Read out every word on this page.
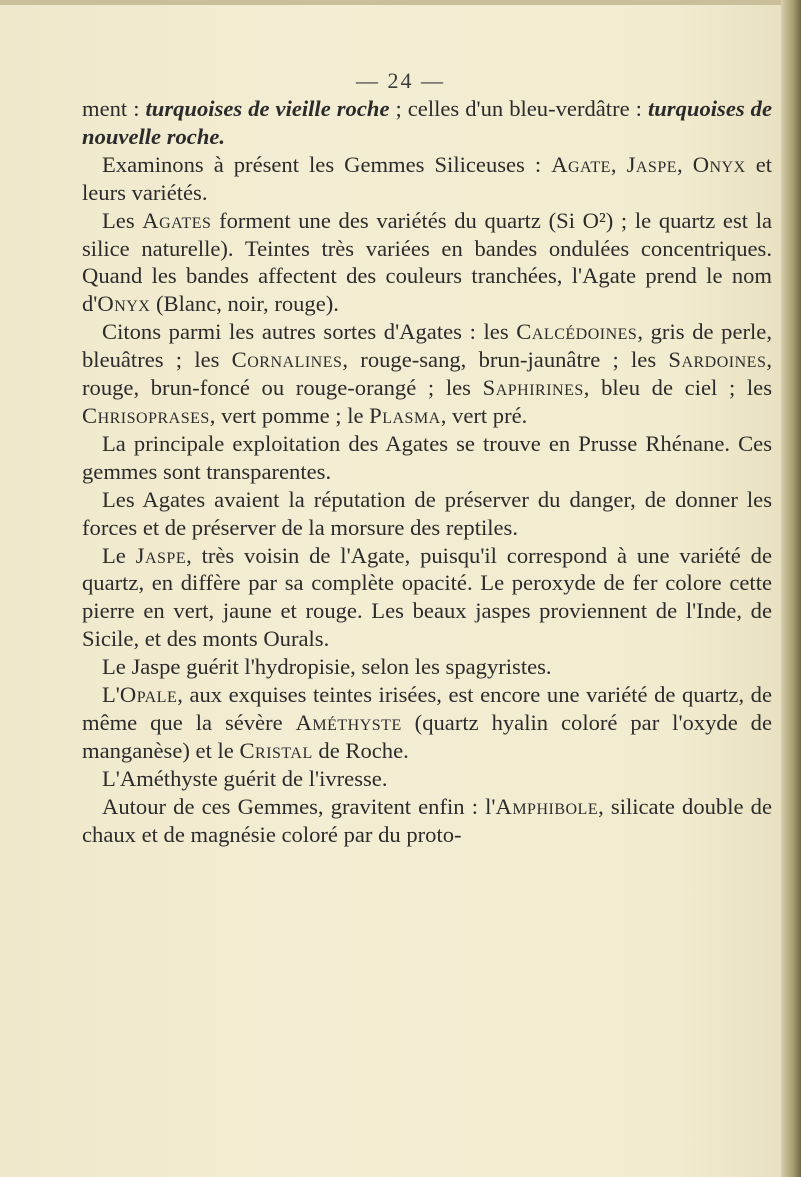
— 24 —

ment : turquoises de vieille roche ; celles d'un bleu-verdâtre : turquoises de nouvelle roche.

Examinons à présent les Gemmes Siliceuses : Agate, Jaspe, Onyx et leurs variétés.

Les Agates forment une des variétés du quartz (Si O²) ; le quartz est la silice naturelle). Teintes très variées en bandes ondulées concentriques. Quand les bandes affectent des couleurs tranchées, l'Agate prend le nom d'Onyx (Blanc, noir, rouge).

Citons parmi les autres sortes d'Agates : les Calcédoines, gris de perle, bleuâtres ; les Cornalines, rouge-sang, brun-jaunâtre ; les Sardoines, rouge, brun-foncé ou rouge-orangé ; les Saphirines, bleu de ciel ; les Chrisoprases, vert pomme ; le Plasma, vert pré.

La principale exploitation des Agates se trouve en Prusse Rhénane. Ces gemmes sont transparentes.

Les Agates avaient la réputation de préserver du danger, de donner les forces et de préserver de la morsure des reptiles.

Le Jaspe, très voisin de l'Agate, puisqu'il correspond à une variété de quartz, en diffère par sa complète opacité. Le peroxyde de fer colore cette pierre en vert, jaune et rouge. Les beaux jaspes proviennent de l'Inde, de Sicile, et des monts Ourals.

Le Jaspe guérit l'hydropisie, selon les spagyristes.

L'Opale, aux exquises teintes irisées, est encore une variété de quartz, de même que la sévère Améthyste (quartz hyalin coloré par l'oxyde de manganèse) et le Cristal de Roche.

L'Améthyste guérit de l'ivresse.

Autour de ces Gemmes, gravitent enfin : l'Amphibole, silicate double de chaux et de magnésie coloré par du proto-
